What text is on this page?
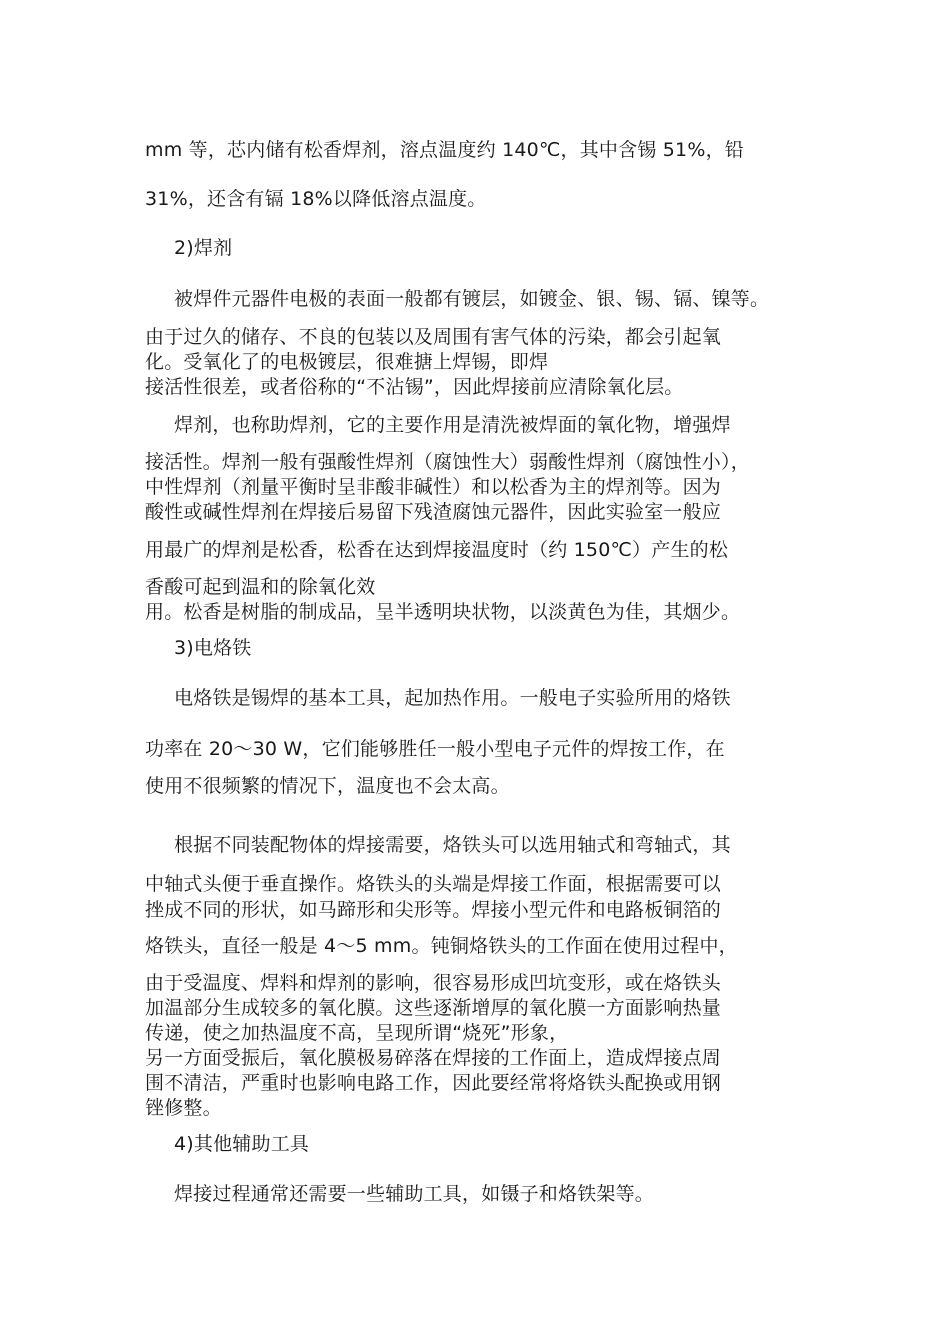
mm 等，芯内储有松香焊剂，溶点温度约 140℃，其中含锡 51%，铅
31%，还含有镉 18%以降低溶点温度。
2)焊剂
被焊件元器件电极的表面一般都有镀层，如镀金、银、锡、镉、镍等。
由于过久的储存、不良的包装以及周围有害气体的污染，都会引起氧
化。受氧化了的电极镀层，很难搪上焊锡，即焊
接活性很差，或者俗称的“不沾锡”，因此焊接前应清除氧化层。
焊剂，也称助焊剂，它的主要作用是清洗被焊面的氧化物，增强焊
接活性。焊剂一般有强酸性焊剂（腐蚀性大）弱酸性焊剂（腐蚀性小），
中性焊剂（剂量平衡时呈非酸非碱性）和以松香为主的焊剂等。因为
酸性或碱性焊剂在焊接后易留下残渣腐蚀元器件，因此实验室一般应
用最广的焊剂是松香，松香在达到焊接温度时（约 150℃）产生的松
香酸可起到温和的除氧化效
用。松香是树脂的制成品，呈半透明块状物，以淡黄色为佳，其烟少。
3)电烙铁
电烙铁是锡焊的基本工具，起加热作用。一般电子实验所用的烙铁
功率在 20～30 W，它们能够胜任一般小型电子元件的焊按工作，在
使用不很频繁的情况下，温度也不会太高。
根据不同装配物体的焊接需要，烙铁头可以选用轴式和弯轴式，其
中轴式头便于垂直操作。烙铁头的头端是焊接工作面，根据需要可以
挫成不同的形状，如马蹄形和尖形等。焊接小型元件和电路板铜箔的
烙铁头，直径一般是 4～5 mm。钝铜烙铁头的工作面在使用过程中，
由于受温度、焊料和焊剂的影响，很容易形成凹坑变形，或在烙铁头
加温部分生成较多的氧化膜。这些逐渐增厚的氧化膜一方面影响热量
传递，使之加热温度不高，呈现所谓“烧死”形象，
另一方面受振后，氧化膜极易碎落在焊接的工作面上，造成焊接点周
围不清洁，严重时也影响电路工作，因此要经常将烙铁头配换或用钢
锉修整。
4)其他辅助工具
焊接过程通常还需要一些辅助工具，如镊子和烙铁架等。
